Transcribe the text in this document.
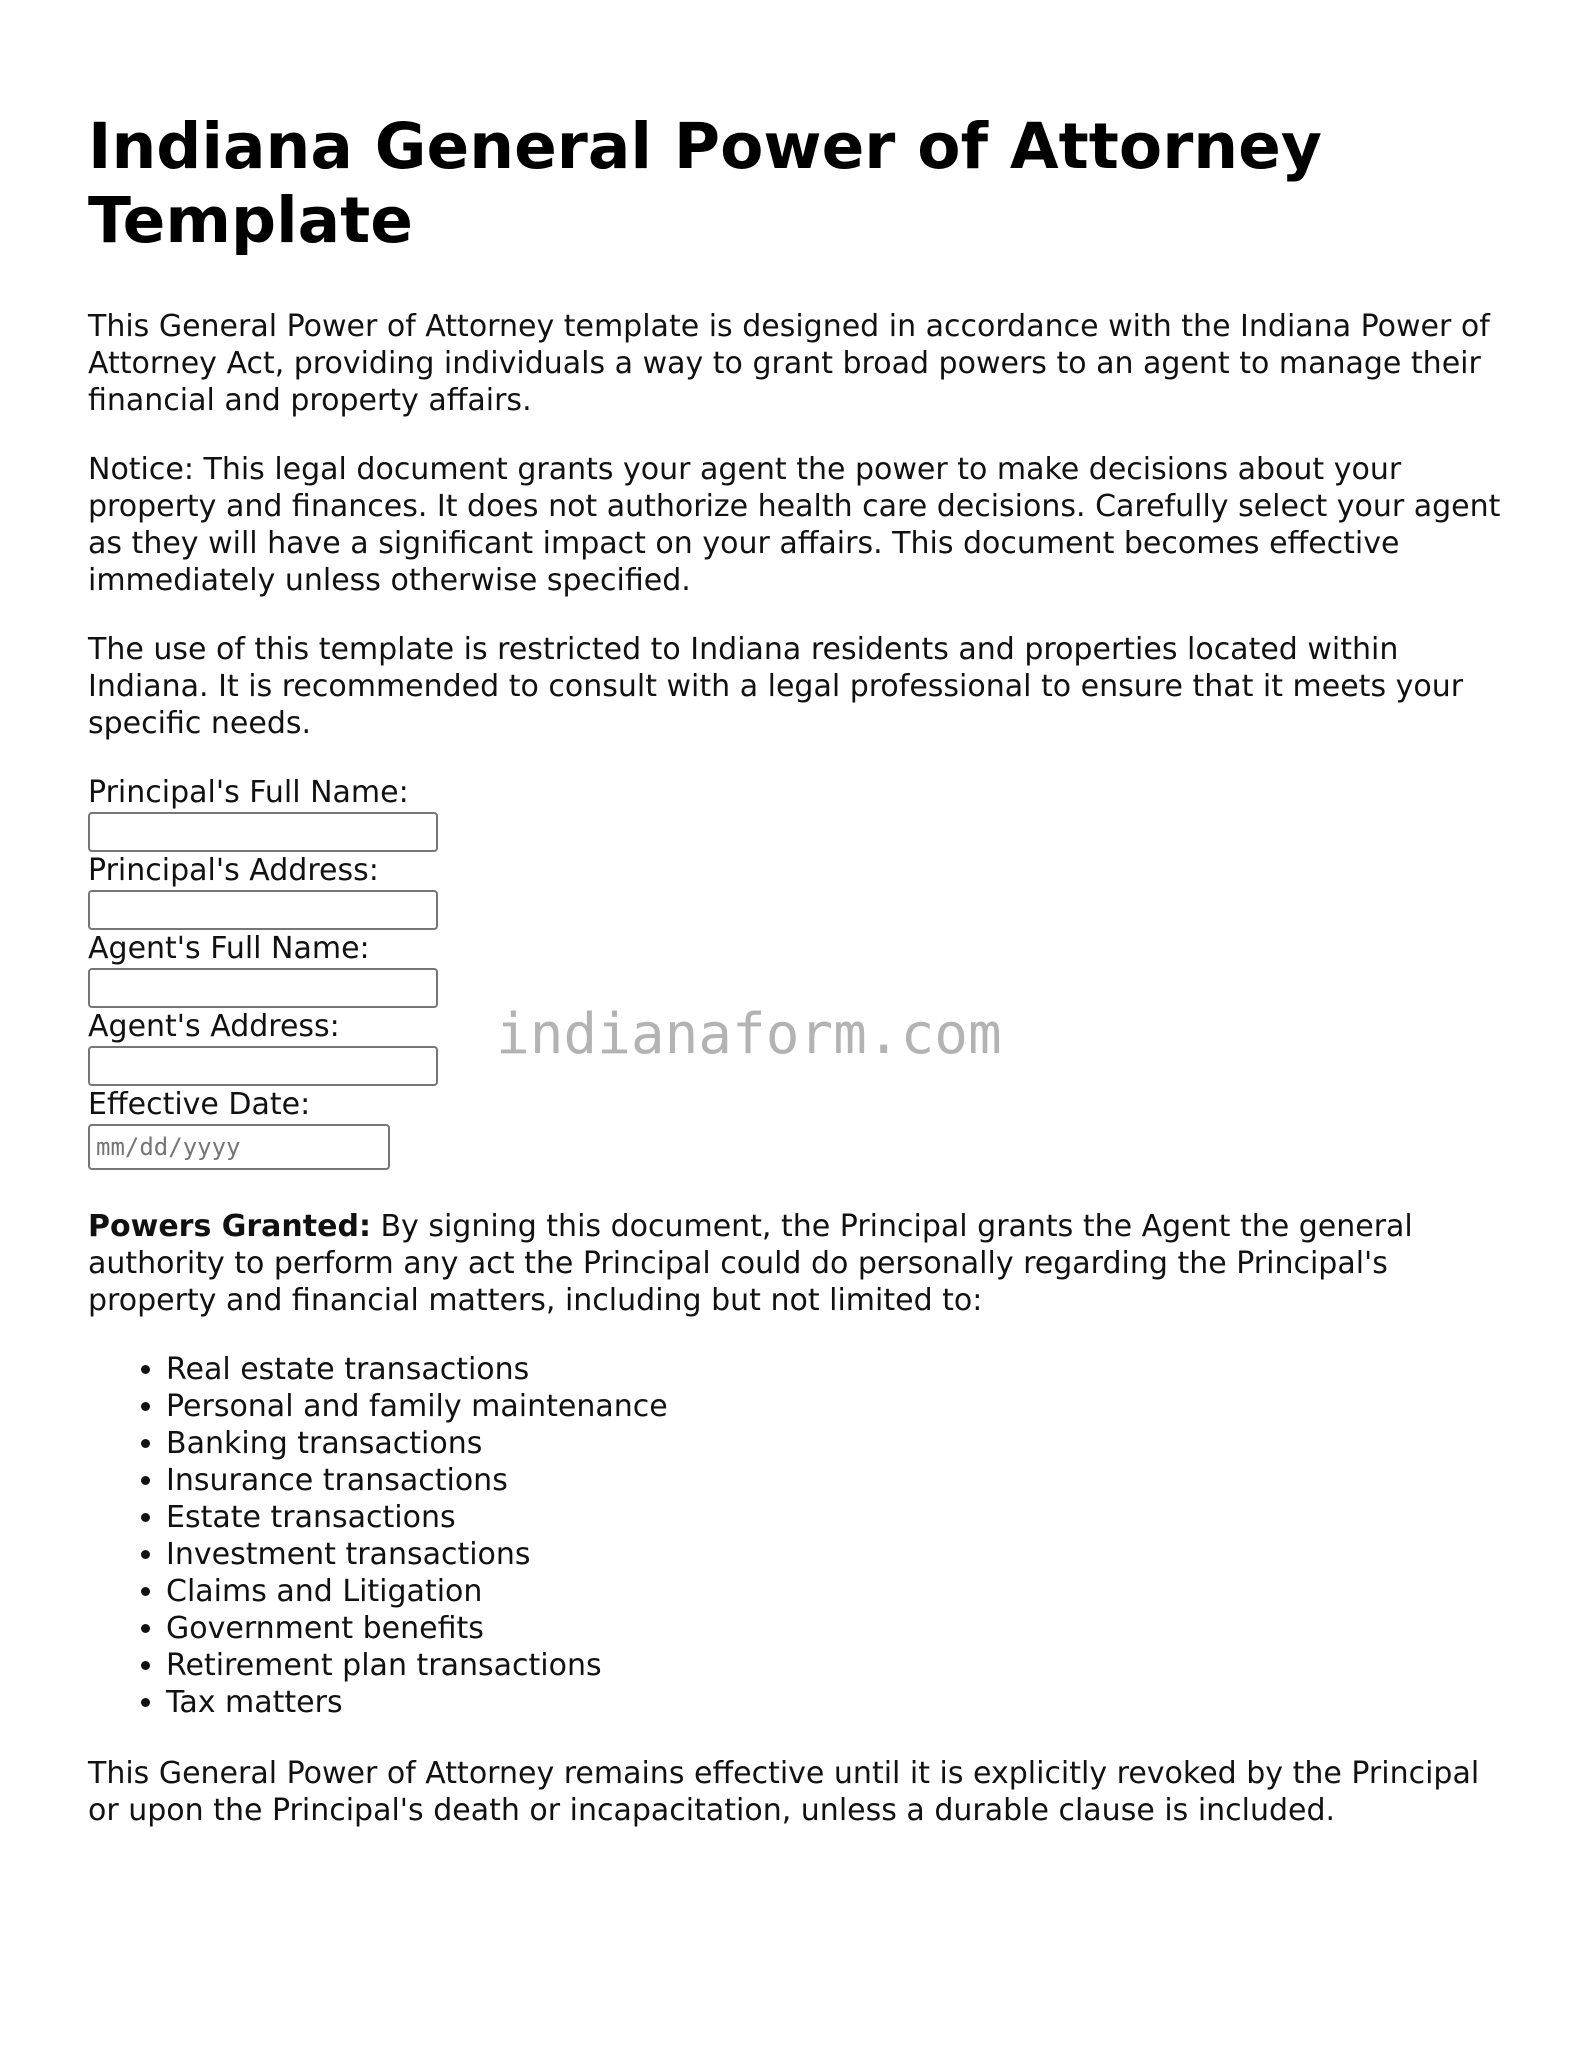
Indiana General Power of Attorney Template

This General Power of Attorney template is designed in accordance with the Indiana Power of Attorney Act, providing individuals a way to grant broad powers to an agent to manage their financial and property affairs.

Notice: This legal document grants your agent the power to make decisions about your property and finances. It does not authorize health care decisions. Carefully select your agent as they will have a significant impact on your affairs. This document becomes effective immediately unless otherwise specified.

The use of this template is restricted to Indiana residents and properties located within Indiana. It is recommended to consult with a legal professional to ensure that it meets your specific needs.

Principal's Full Name:
Principal's Address:
Agent's Full Name:
Agent's Address:
Effective Date:
mm/dd/yyyy

Powers Granted: By signing this document, the Principal grants the Agent the general authority to perform any act the Principal could do personally regarding the Principal's property and financial matters, including but not limited to:

• Real estate transactions
• Personal and family maintenance
• Banking transactions
• Insurance transactions
• Estate transactions
• Investment transactions
• Claims and Litigation
• Government benefits
• Retirement plan transactions
• Tax matters

This General Power of Attorney remains effective until it is explicitly revoked by the Principal or upon the Principal's death or incapacitation, unless a durable clause is included.

indianaform.com
